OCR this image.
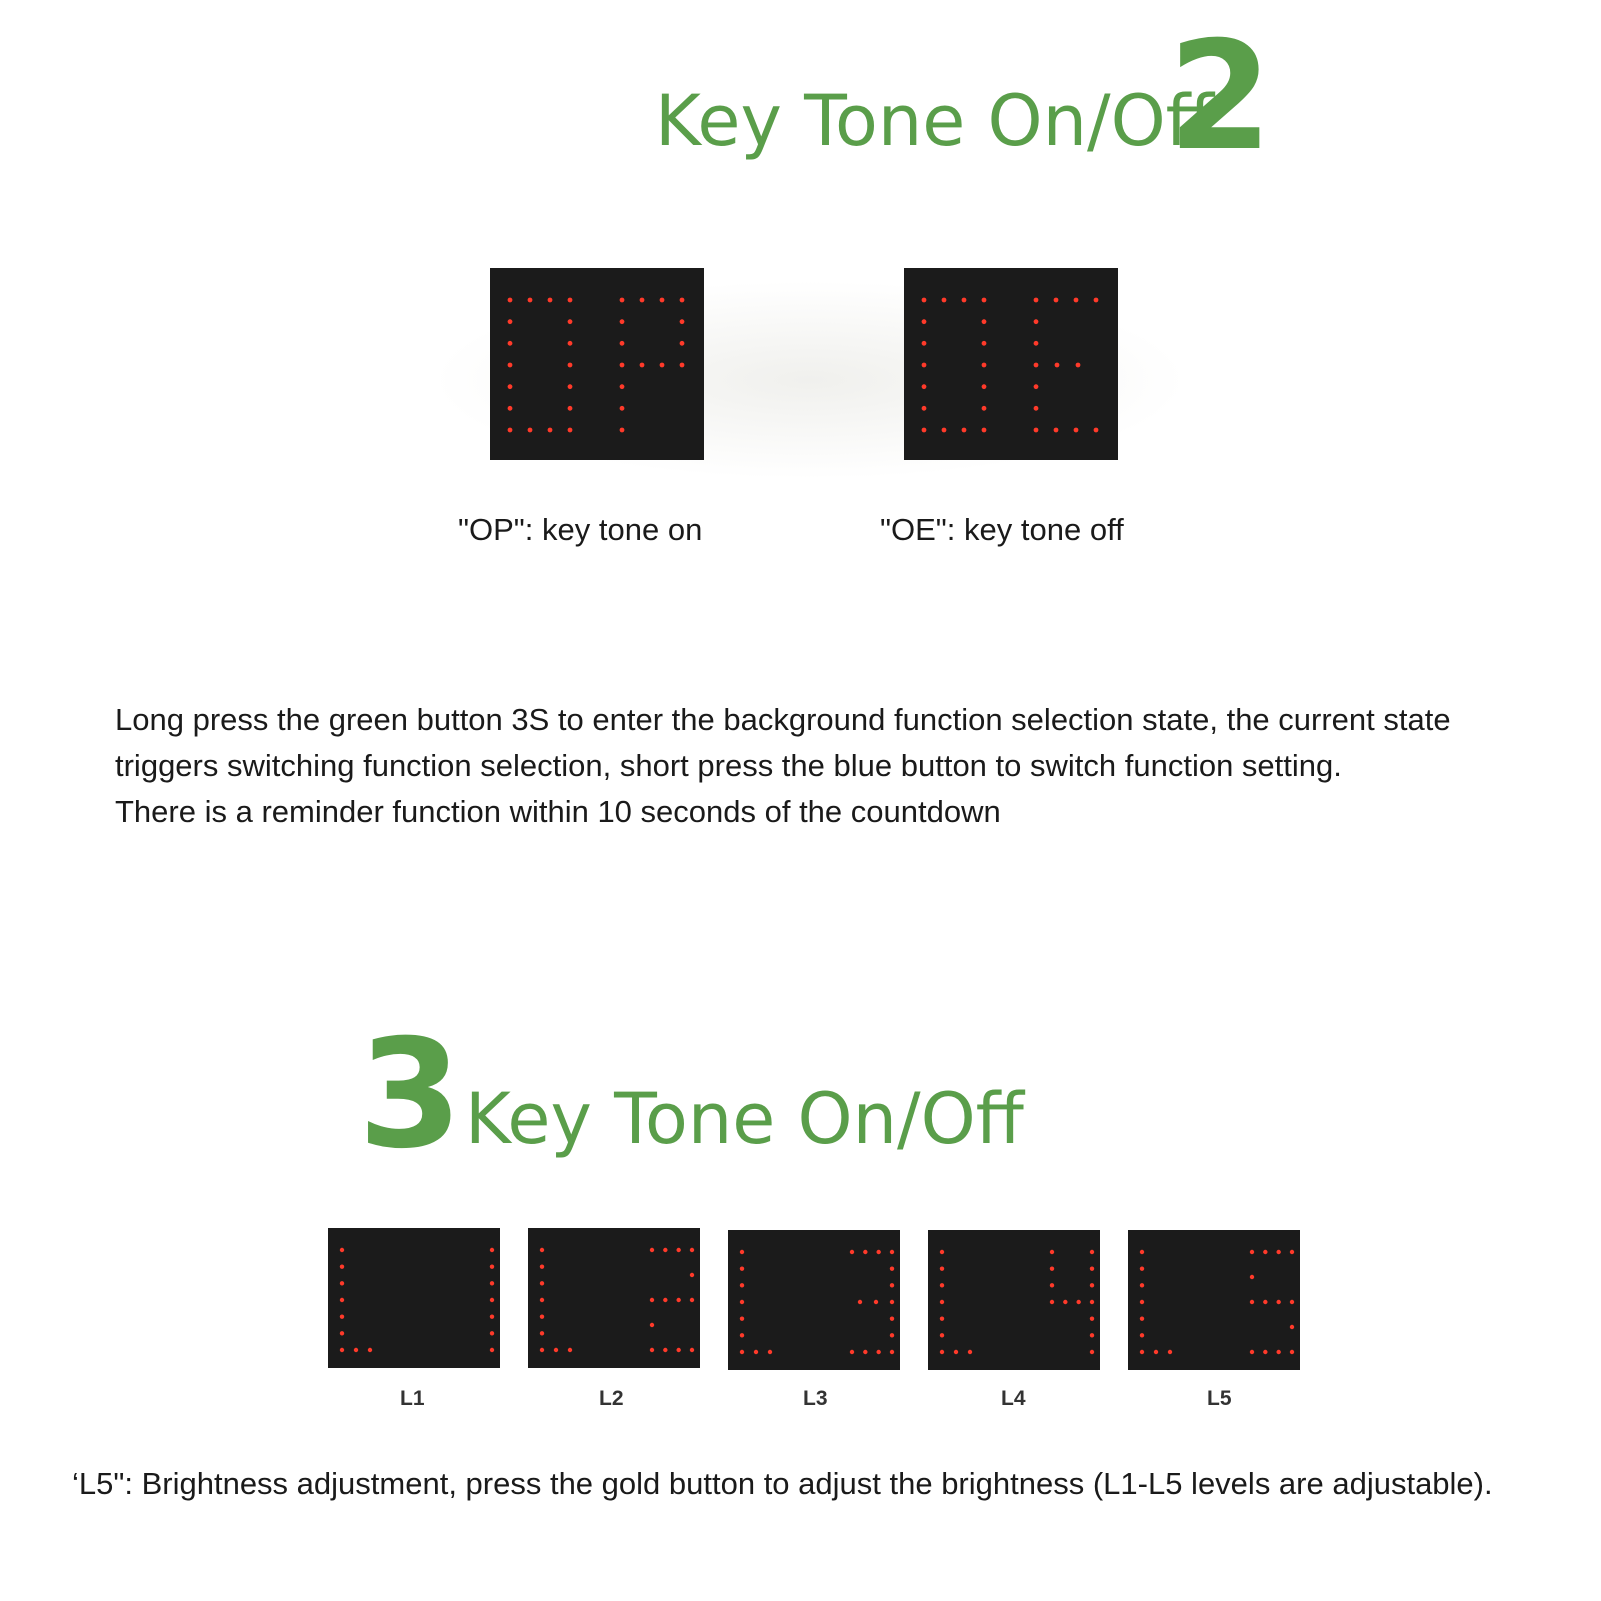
Key Tone On/Off
2
"OP": key tone on	"OE": key tone off
Long press the green button 3S to enter the background function selection state, the current state
triggers switching function selection, short press the blue button to switch function setting.
There is a reminder function within 10 seconds of the countdown
3 Key Tone On/Off
L1	L2	L3	L4	L5
‘L5": Brightness adjustment, press the gold button to adjust the brightness (L1-L5 levels are adjustable).
